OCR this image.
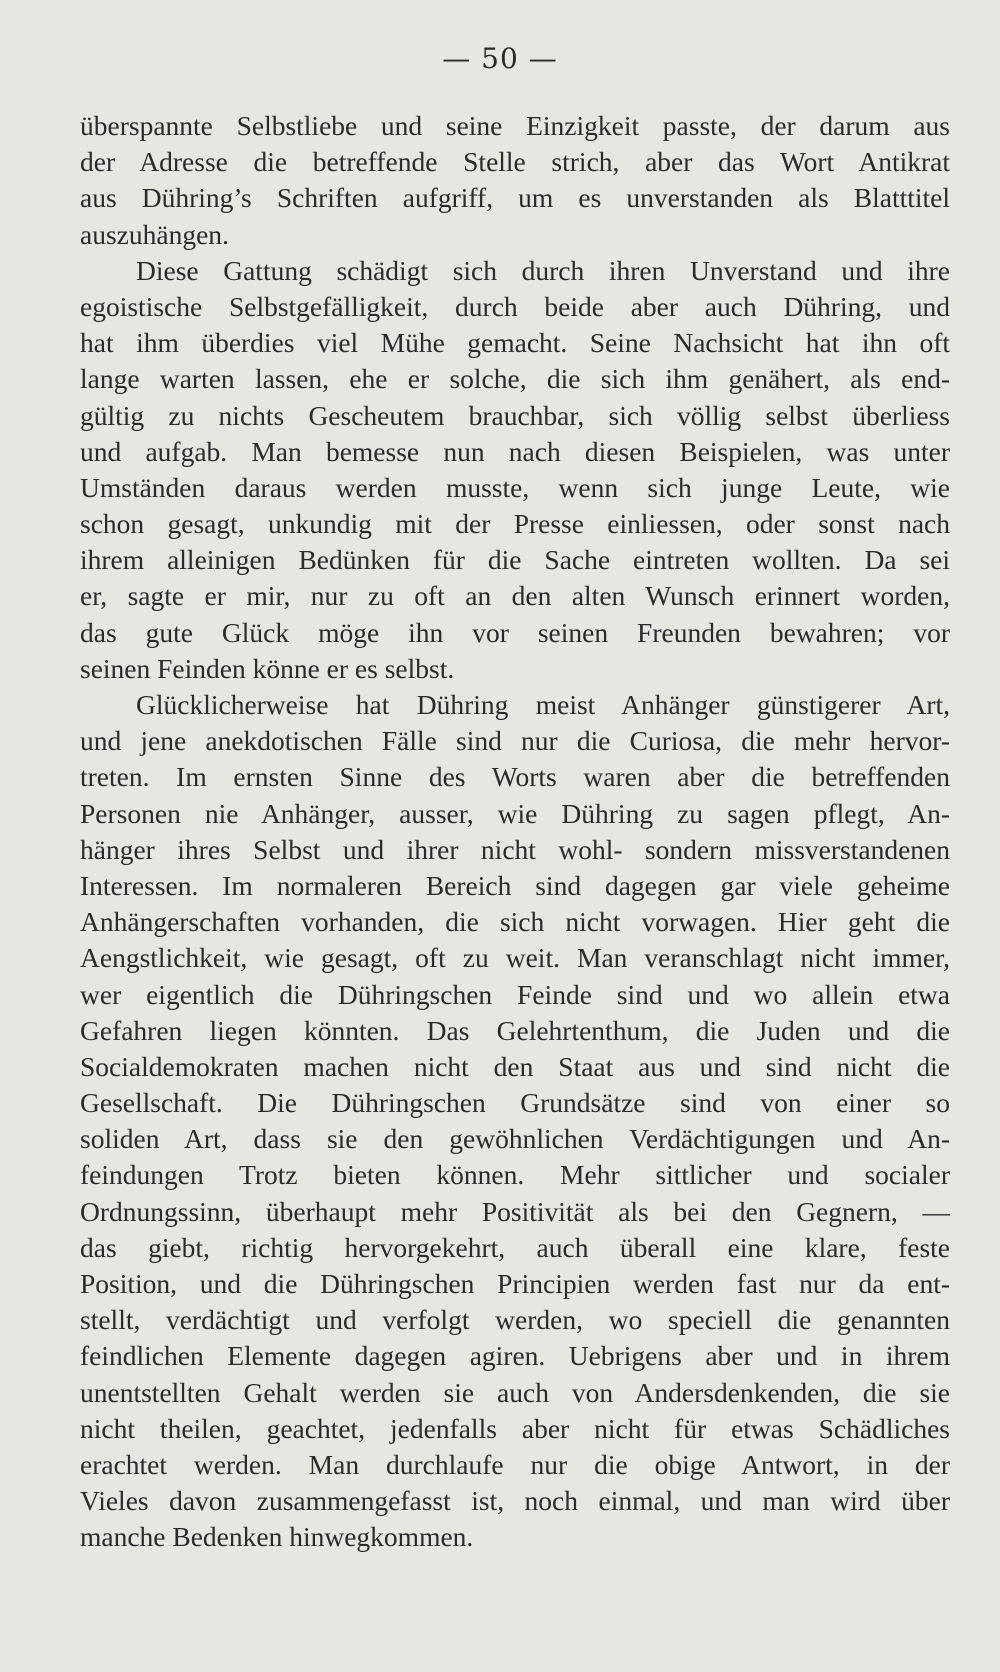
— 50 —
überspannte Selbstliebe und seine Einzigkeit passte, der darum aus
der Adresse die betreffende Stelle strich, aber das Wort Antikrat
aus Dühring’s Schriften aufgriff, um es unverstanden als Blatttitel
auszuhängen.
Diese Gattung schädigt sich durch ihren Unverstand und ihre
egoistische Selbstgefälligkeit, durch beide aber auch Dühring, und
hat ihm überdies viel Mühe gemacht. Seine Nachsicht hat ihn oft
lange warten lassen, ehe er solche, die sich ihm genähert, als end-
gültig zu nichts Gescheutem brauchbar, sich völlig selbst überliess
und aufgab. Man bemesse nun nach diesen Beispielen, was unter
Umständen daraus werden musste, wenn sich junge Leute, wie
schon gesagt, unkundig mit der Presse einliessen, oder sonst nach
ihrem alleinigen Bedünken für die Sache eintreten wollten. Da sei
er, sagte er mir, nur zu oft an den alten Wunsch erinnert worden,
das gute Glück möge ihn vor seinen Freunden bewahren; vor
seinen Feinden könne er es selbst.
Glücklicherweise hat Dühring meist Anhänger günstigerer Art,
und jene anekdotischen Fälle sind nur die Curiosa, die mehr hervor-
treten. Im ernsten Sinne des Worts waren aber die betreffenden
Personen nie Anhänger, ausser, wie Dühring zu sagen pflegt, An-
hänger ihres Selbst und ihrer nicht wohl- sondern missverstandenen
Interessen. Im normaleren Bereich sind dagegen gar viele geheime
Anhängerschaften vorhanden, die sich nicht vorwagen. Hier geht die
Aengstlichkeit, wie gesagt, oft zu weit. Man veranschlagt nicht immer,
wer eigentlich die Dühringschen Feinde sind und wo allein etwa
Gefahren liegen könnten. Das Gelehrtenthum, die Juden und die
Socialdemokraten machen nicht den Staat aus und sind nicht die
Gesellschaft. Die Dühringschen Grundsätze sind von einer so
soliden Art, dass sie den gewöhnlichen Verdächtigungen und An-
feindungen Trotz bieten können. Mehr sittlicher und socialer
Ordnungssinn, überhaupt mehr Positivität als bei den Gegnern, —
das giebt, richtig hervorgekehrt, auch überall eine klare, feste
Position, und die Dühringschen Principien werden fast nur da ent-
stellt, verdächtigt und verfolgt werden, wo speciell die genannten
feindlichen Elemente dagegen agiren. Uebrigens aber und in ihrem
unentstellten Gehalt werden sie auch von Andersdenkenden, die sie
nicht theilen, geachtet, jedenfalls aber nicht für etwas Schädliches
erachtet werden. Man durchlaufe nur die obige Antwort, in der
Vieles davon zusammengefasst ist, noch einmal, und man wird über
manche Bedenken hinwegkommen.
